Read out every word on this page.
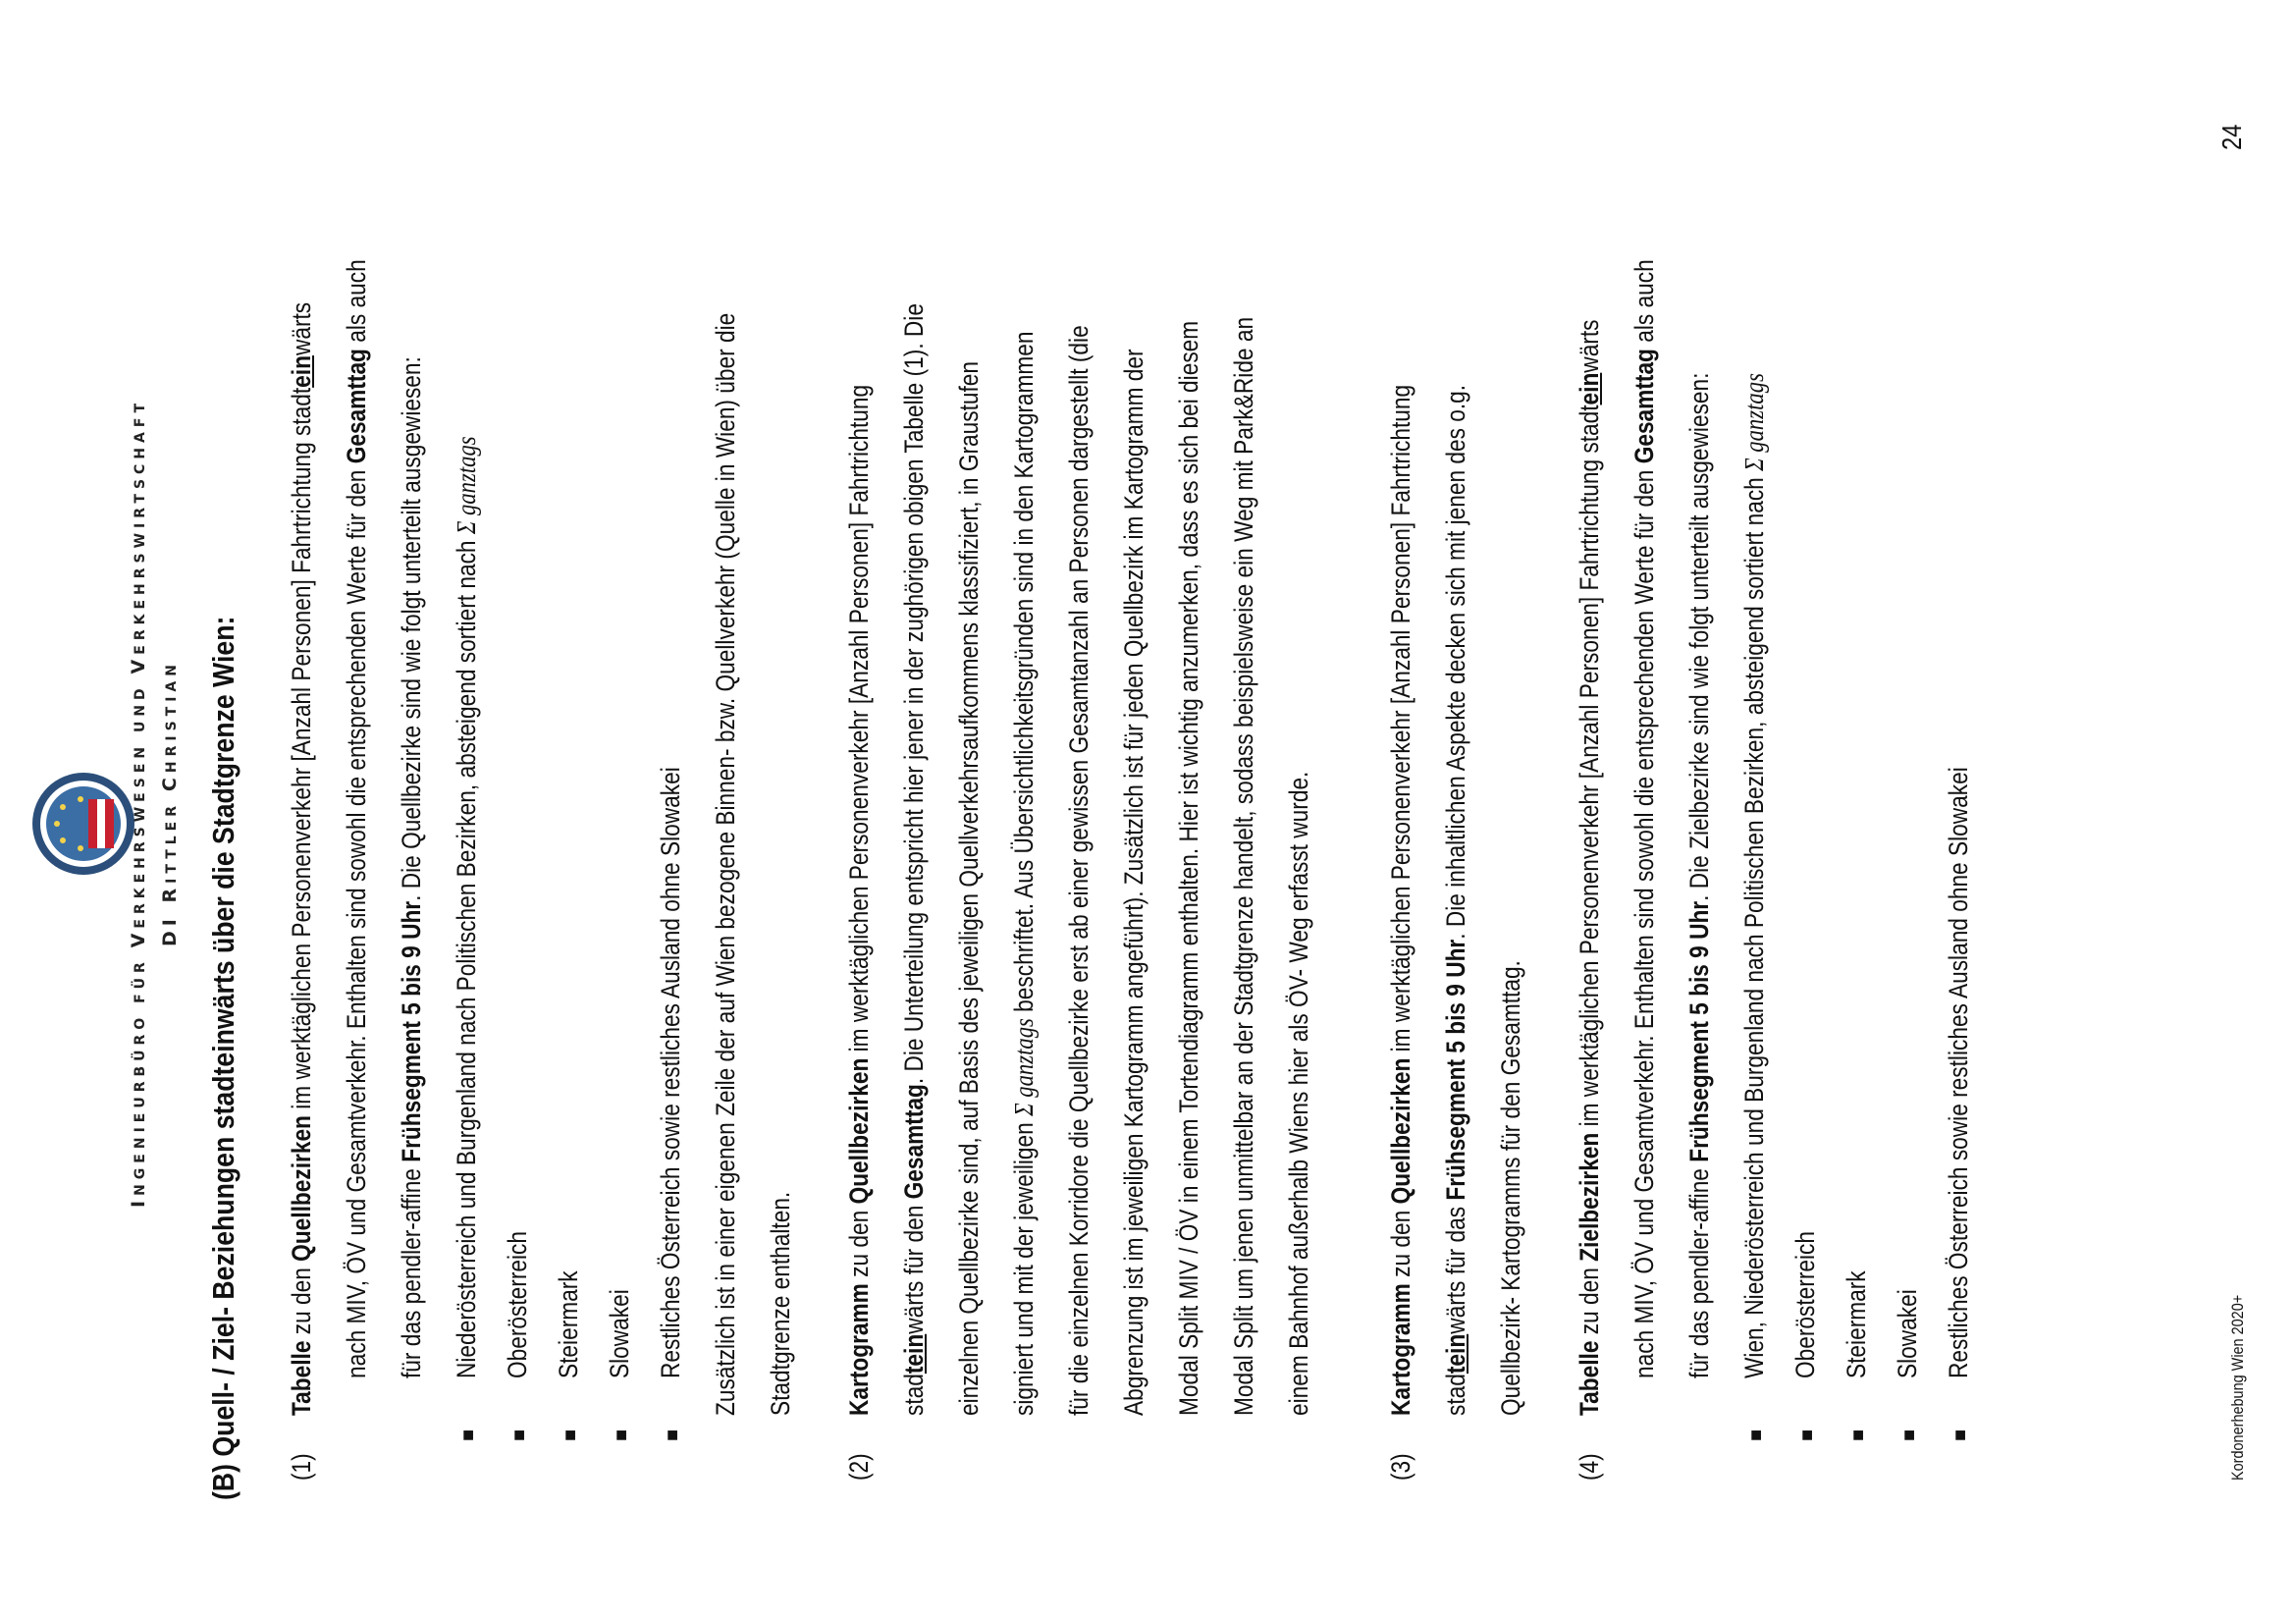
INGENIEURBÜRO FÜR VERKEHRSWESEN UND VERKEHRSWIRTSCHAFT
DI RITTLER CHRISTIAN (B) Quell- / Ziel- Beziehungen stadteinwärts über die Stadtgrenze Wien: (1)

Tabelle zu den Quellbezirken im werktäglichen Personenverkehr [Anzahl Personen] Fahrtrichtung stadteinwärts

nach MIV, ÖV und Gesamtverkehr. Enthalten sind sowohl die entsprechenden Werte für den Gesamttag als auch

für das pendler-affine Frühsegment 5 bis 9 Uhr. Die Quellbezirke sind wie folgt unterteilt ausgewiesen:

■

Niederösterreich und Burgenland nach Politischen Bezirken, absteigend sortiert nach Σ ganztags

■

Oberösterreich

■

Steiermark

■

Slowakei

■

Restliches Österreich sowie restliches Ausland ohne Slowakei Zusätzlich ist in einer eigenen Zeile der auf Wien bezogene Binnen- bzw. Quellverkehr (Quelle in Wien) über die Stadtgrenze enthalten.

(2)

Kartogramm zu den Quellbezirken im werktäglichen Personenverkehr [Anzahl Personen] Fahrtrichtung

stadteinwärts für den Gesamttag. Die Unterteilung entspricht hier jener in der zughörigen obigen Tabelle (1). Die einzelnen Quellbezirke sind, auf Basis des jeweiligen Quellverkehrsaufkommens klassifiziert, in Graustufen signiert und mit der jeweiligen Σ ganztags beschriftet. Aus Übersichtlichkeitsgründen sind in den Kartogrammen für die einzelnen Korridore die Quellbezirke erst ab einer gewissen Gesamtanzahl an Personen dargestellt (die Abgrenzung ist im jeweiligen Kartogramm angeführt). Zusätzlich ist für jeden Quellbezirk im Kartogramm der Modal Split MIV / ÖV in einem Tortendiagramm enthalten. Hier ist wichtig anzumerken, dass es sich bei diesem Modal Split um jenen unmittelbar an der Stadtgrenze handelt, sodass beispielsweise ein Weg mit Park&Ride an einem Bahnhof außerhalb Wiens hier als ÖV- Weg erfasst wurde.

(3)

Kartogramm zu den Quellbezirken im werktäglichen Personenverkehr [Anzahl Personen] Fahrtrichtung

stadteinwärts für das Frühsegment 5 bis 9 Uhr. Die inhaltlichen Aspekte decken sich mit jenen des o.g.

Quellbezirk- Kartogramms für den Gesamttag.

(4)

Tabelle zu den Zielbezirken im werktäglichen Personenverkehr [Anzahl Personen] Fahrtrichtung stadteinwärts

nach MIV, ÖV und Gesamtverkehr. Enthalten sind sowohl die entsprechenden Werte für den Gesamttag als auch

für das pendler-affine Frühsegment 5 bis 9 Uhr. Die Zielbezirke sind wie folgt unterteilt ausgewiesen:

■

Wien, Niederösterreich und Burgenland nach Politischen Bezirken, absteigend sortiert nach Σ ganztags

■

Oberösterreich

■

Steiermark

■

Slowakei

■

Restliches Österreich sowie restliches Ausland ohne Slowakei

Kordonerhebung Wien 2020+
24
